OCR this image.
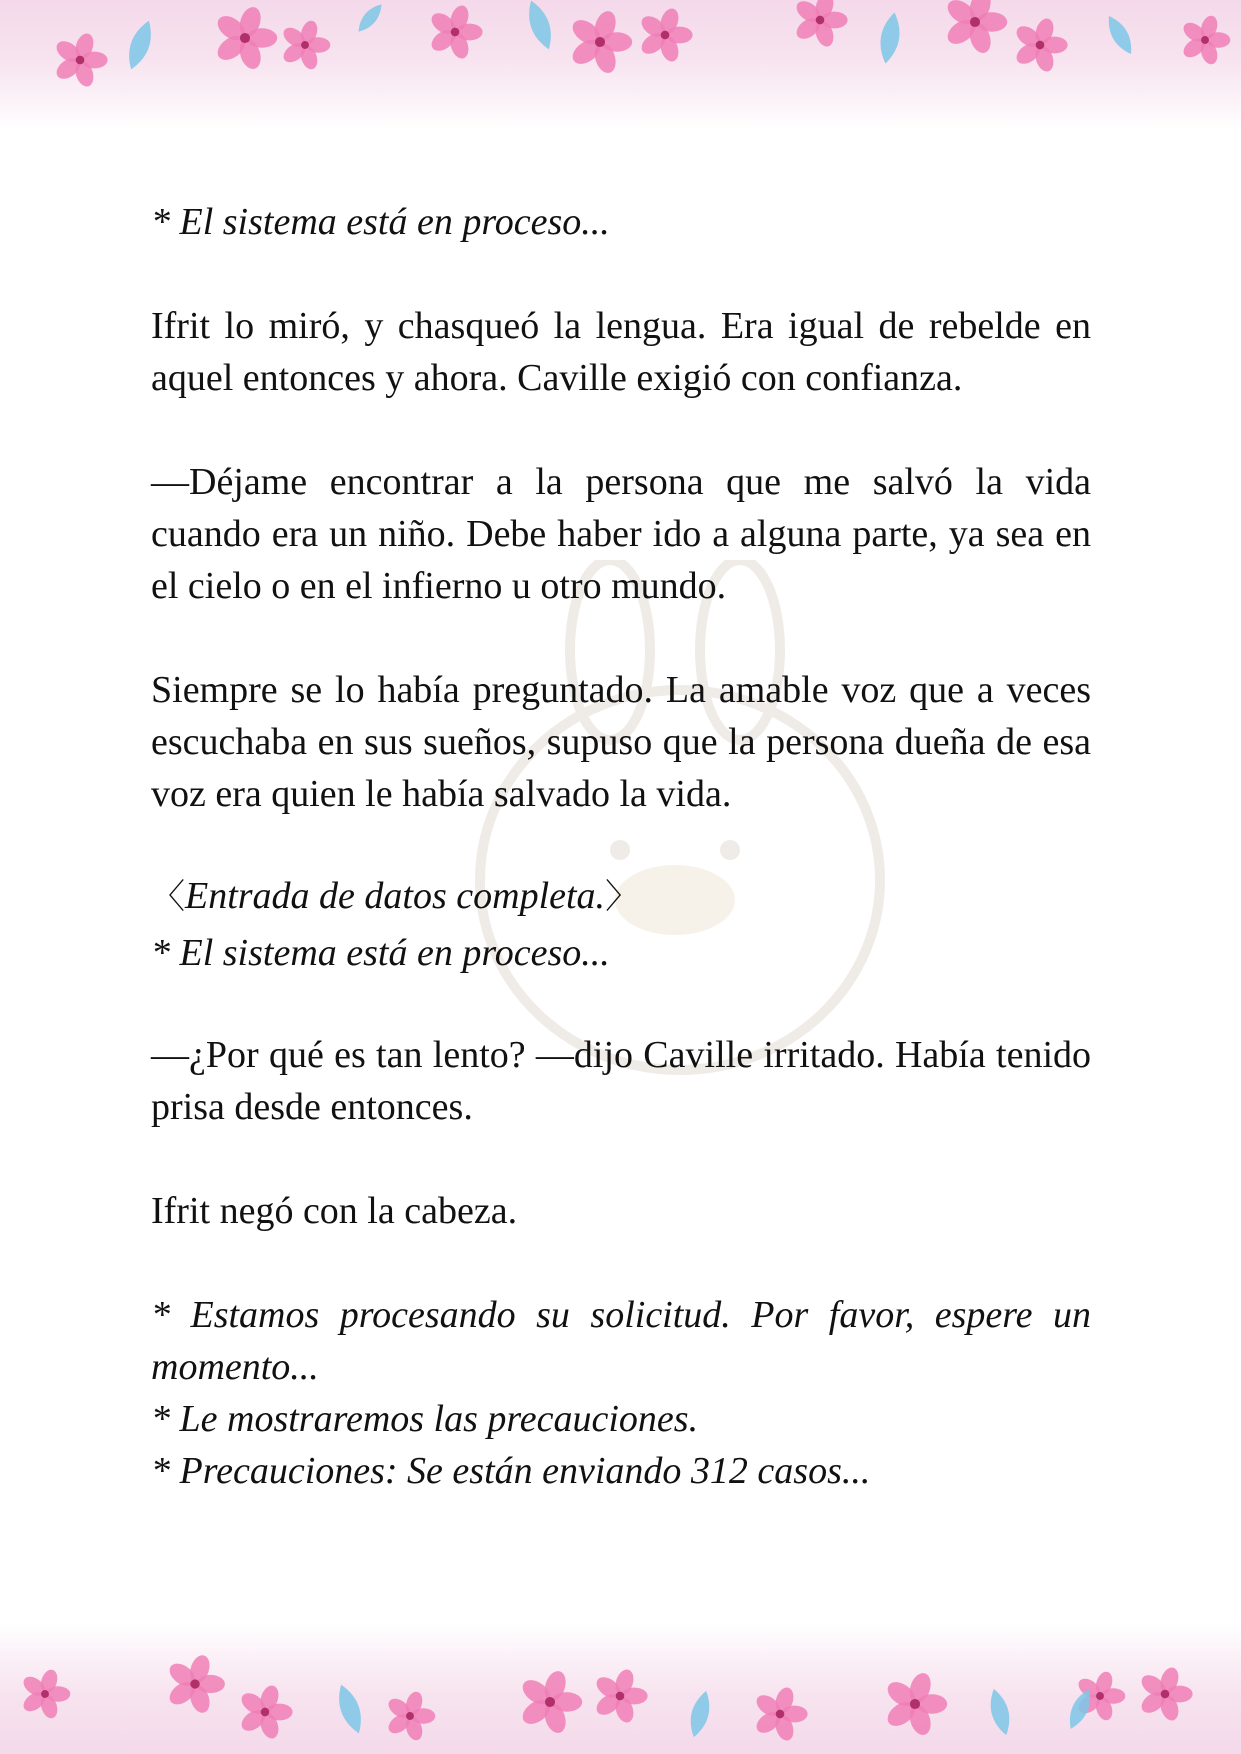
* El sistema está en proceso...

Ifrit lo miró, y chasqueó la lengua. Era igual de rebelde en aquel entonces y ahora. Caville exigió con confianza.

—Déjame encontrar a la persona que me salvó la vida cuando era un niño. Debe haber ido a alguna parte, ya sea en el cielo o en el infierno u otro mundo.

Siempre se lo había preguntado. La amable voz que a veces escuchaba en sus sueños, supuso que la persona dueña de esa voz era quien le había salvado la vida.

〈Entrada de datos completa.〉
* El sistema está en proceso...

—¿Por qué es tan lento? —dijo Caville irritado. Había tenido prisa desde entonces.

Ifrit negó con la cabeza.

* Estamos procesando su solicitud. Por favor, espere un momento...
* Le mostraremos las precauciones.
* Precauciones: Se están enviando 312 casos...
